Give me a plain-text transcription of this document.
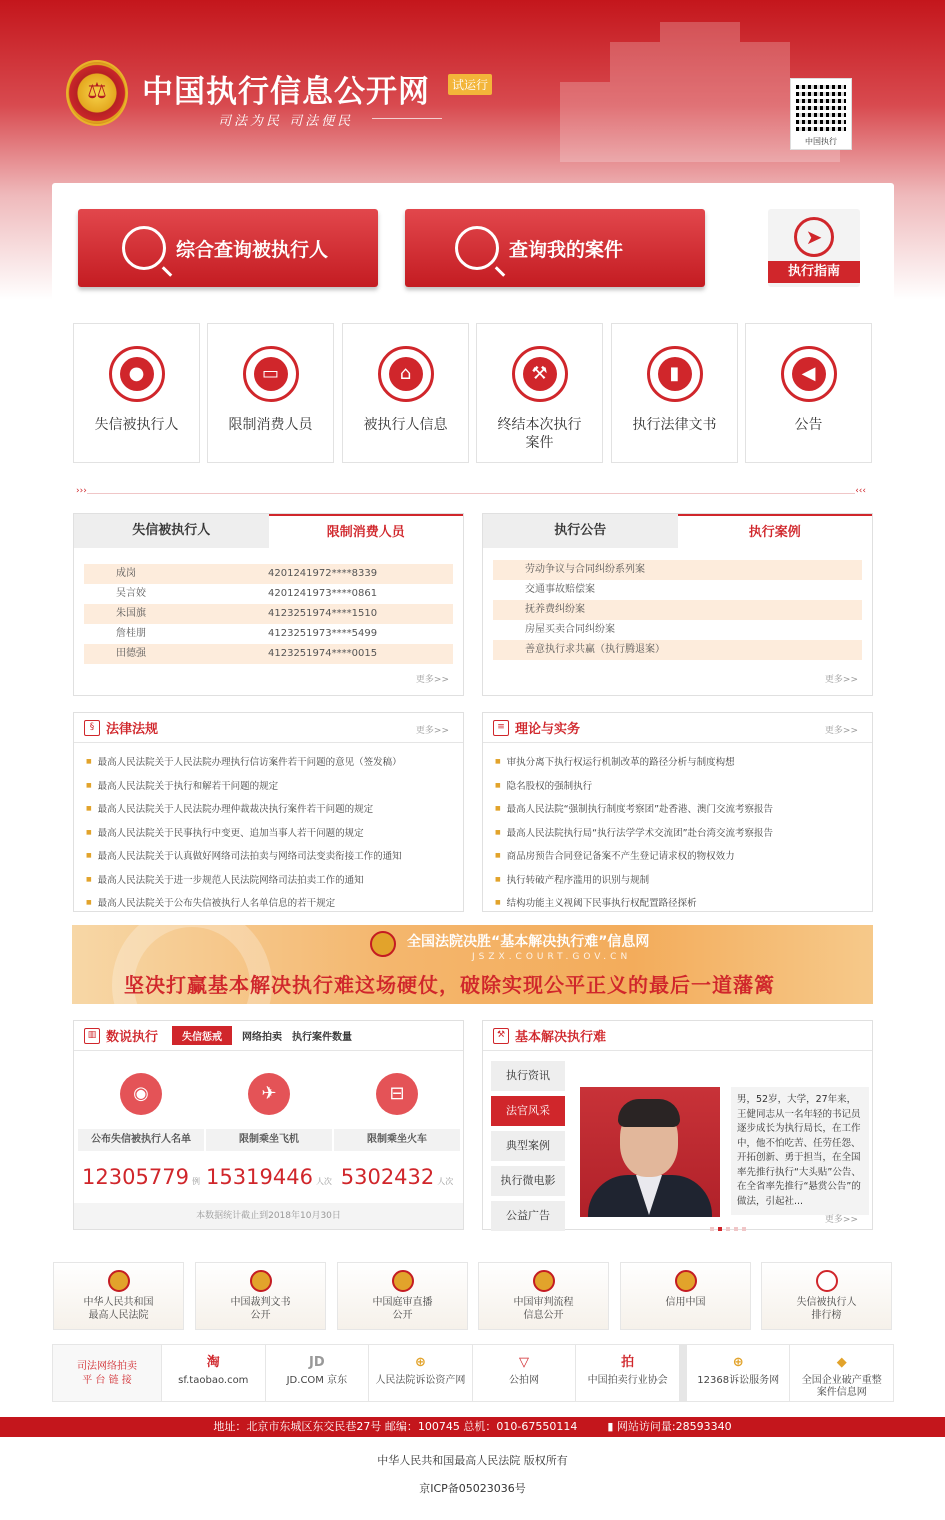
⚖ 中国执行信息公开网	试运行
司法为民 司法便民
中国执行
综合查询被执行人	查询我的案件
➤
执行指南
●
失信被执行人
▭
限制消费人员
⌂
被执行人信息
⚒
终结本次执行案件
▮
执行法律文书
◀
公告
›››	‹‹‹
失信被执行人	限制消费人员
成岗	4201241972****8339
吴言姣	4201241973****0861
朱国旗	4123251974****1510
詹桂朋	4123251973****5499
田德强	4123251974****0015
更多>>
执行公告	执行案例
劳动争议与合同纠纷系列案
交通事故赔偿案
抚养费纠纷案
房屋买卖合同纠纷案
善意执行求共赢（执行腾退案）
更多>>
§ 法律法规	更多>>
■ 最高人民法院关于人民法院办理执行信访案件若干问题的意见（签发稿）
■ 最高人民法院关于执行和解若干问题的规定
■ 最高人民法院关于人民法院办理仲裁裁决执行案件若干问题的规定
■ 最高人民法院关于民事执行中变更、追加当事人若干问题的规定
■ 最高人民法院关于认真做好网络司法拍卖与网络司法变卖衔接工作的通知
■ 最高人民法院关于进一步规范人民法院网络司法拍卖工作的通知
■ 最高人民法院关于公布失信被执行人名单信息的若干规定
≡ 理论与实务	更多>>
■ 审执分离下执行权运行机制改革的路径分析与制度构想
■ 隐名股权的强制执行
■ 最高人民法院“强制执行制度考察团”赴香港、澳门交流考察报告
■ 最高人民法院执行局“执行法学学术交流团”赴台湾交流考察报告
■ 商品房预告合同登记备案不产生登记请求权的物权效力
■ 执行转破产程序滥用的识别与规制
■ 结构功能主义视阈下民事执行权配置路径探析
全国法院决胜“基本解决执行难”信息网
JSZX.COURT.GOV.CN
坚决打赢基本解决执行难这场硬仗，破除实现公平正义的最后一道藩篱
▥ 数说执行	失信惩戒	网络拍卖 执行案件数量
◉
公布失信被执行人名单
12305779 例
✈
限制乘坐飞机
15319446 人次
⊟
限制乘坐火车
5302432 人次
本数据统计截止到2018年10月30日
⚒ 基本解决执行难
执行资讯
法官风采
典型案例
执行微电影
公益广告
男，52岁，大学，27年来，王健同志从一名年轻的书记员逐步成长为执行局长，在工作中，他不怕吃苦、任劳任怨、开拓创新、勇于担当，在全国率先推行执行“大头贴”公告、在全省率先推行“悬赏公告”的做法，引起社...
更多>>
中华人民共和国
最高人民法院
中国裁判文书
公开
中国庭审直播
公开
中国审判流程
信息公开
信用中国	失信被执行人
排行榜
司法网络拍卖
平 台 链 接
淘
sf.taobao.com
JD
JD.COM 京东
⊕
人民法院诉讼资产网
▽
公拍网
拍
中国拍卖行业协会
⊕
12368诉讼服务网
◆
全国企业破产重整
案件信息网
地址：北京市东城区东交民巷27号 邮编：100745 总机：010-67550114	▮ 网站访问量:28593340
中华人民共和国最高人民法院 版权所有
京ICP备05023036号
